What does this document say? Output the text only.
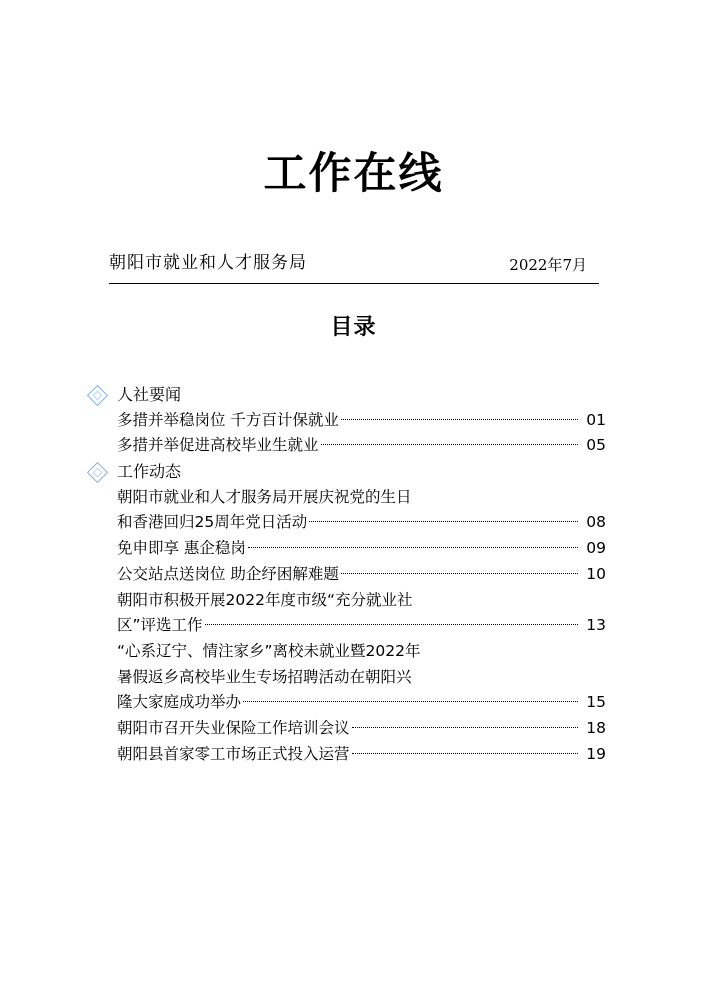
工作在线
朝阳市就业和人才服务局	2022年7月
目录
人社要闻
多措并举稳岗位 千方百计保就业	01
多措并举促进高校毕业生就业	05
工作动态
朝阳市就业和人才服务局开展庆祝党的生日
和香港回归25周年党日活动	08
免申即享 惠企稳岗	09
公交站点送岗位 助企纾困解难题	10
朝阳市积极开展2022年度市级“充分就业社
区”评选工作	13
“心系辽宁、情注家乡”离校未就业暨2022年
暑假返乡高校毕业生专场招聘活动在朝阳兴
隆大家庭成功举办	15
朝阳市召开失业保险工作培训会议	18
朝阳县首家零工市场正式投入运营	19
